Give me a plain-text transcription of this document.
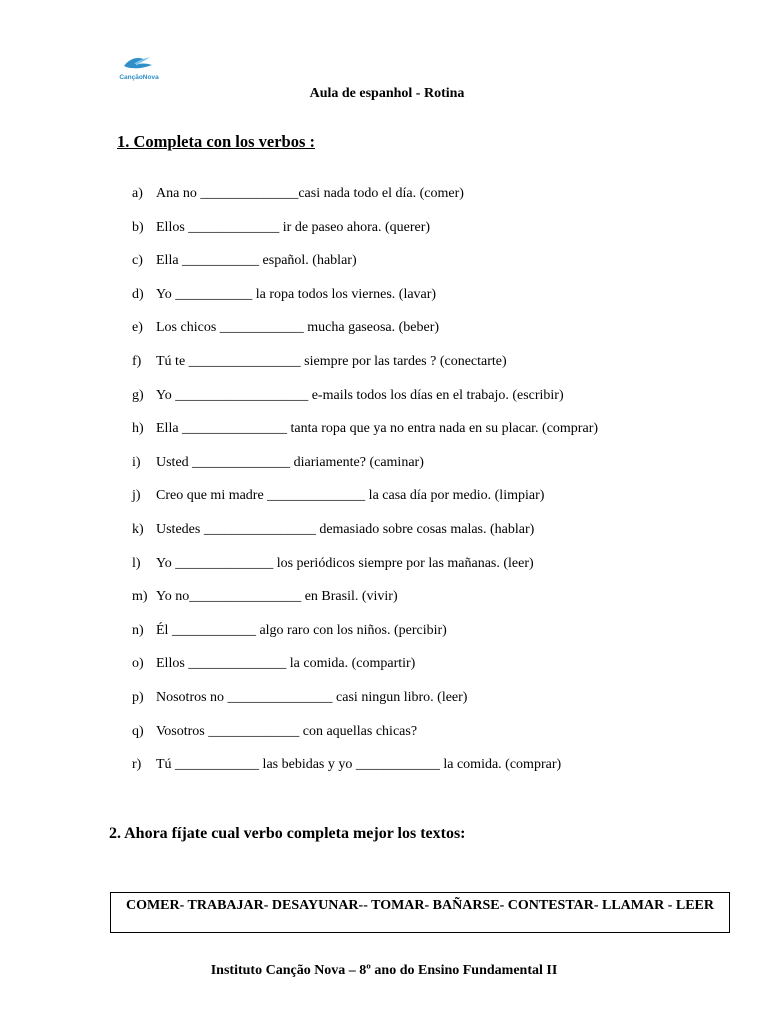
CançãoNova
Aula de espanhol - Rotina
1. Completa con los verbos :
a) Ana no ______________casi nada todo el día. (comer)
b) Ellos _____________ ir de paseo ahora. (querer)
c) Ella ___________ español. (hablar)
d) Yo ___________ la ropa todos los viernes. (lavar)
e) Los chicos ____________ mucha gaseosa. (beber)
f) Tú te ________________ siempre por las tardes ? (conectarte)
g) Yo ___________________ e-mails todos los días en el trabajo. (escribir)
h) Ella _______________ tanta ropa que ya no entra nada en su placar. (comprar)
i) Usted ______________ diariamente? (caminar)
j) Creo que mi madre ______________ la casa día por medio. (limpiar)
k) Ustedes ________________ demasiado sobre cosas malas. (hablar)
l) Yo ______________ los periódicos siempre por las mañanas. (leer)
m) Yo no________________ en Brasil. (vivir)
n) Él ____________ algo raro con los niños. (percibir)
o) Ellos ______________ la comida. (compartir)
p) Nosotros no _______________ casi ningun libro. (leer)
q) Vosotros _____________ con aquellas chicas?
r) Tú ____________ las bebidas y yo ____________ la comida. (comprar)
2. Ahora fíjate cual verbo completa mejor los textos:
COMER- TRABAJAR- DESAYUNAR-- TOMAR- BAÑARSE- CONTESTAR- LLAMAR - LEER
Instituto Canção Nova – 8º ano do Ensino Fundamental II
